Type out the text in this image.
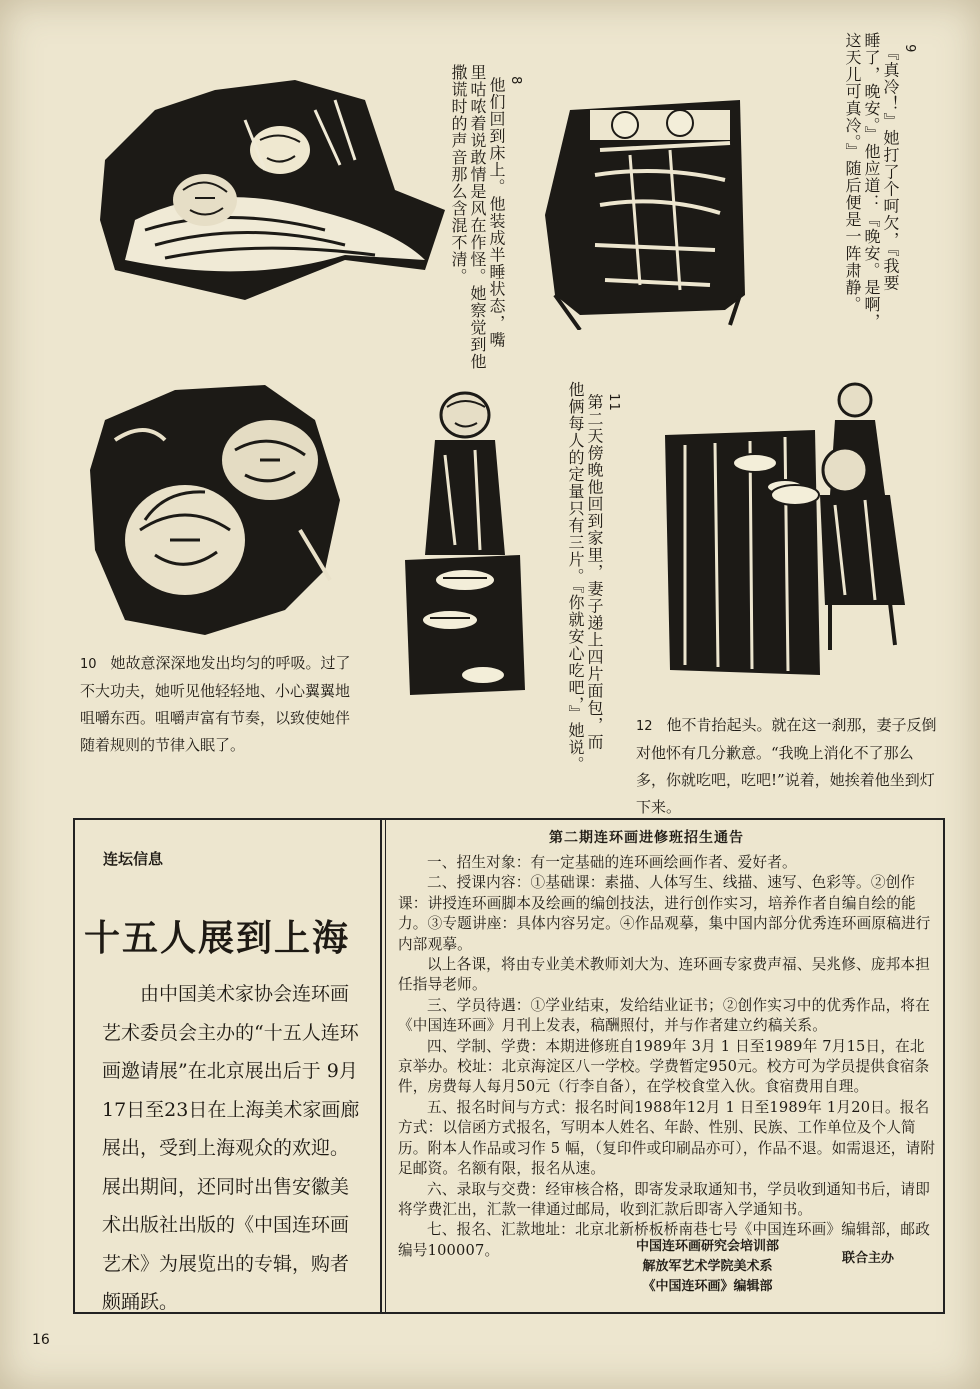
8
他们回到床上。他装成半睡状态，嘴
里咕哝着说敢情是风在作怪。她察觉到他
撒谎时的声音那么含混不清。

9
『真冷！』她打了个呵欠，『我要
睡了，晚安。』他应道：『晚安。是啊，
这天儿可真冷。』随后便是一阵肃静。

11
第二天傍晚他回到家里，妻子递上四片面包，而
他俩每人的定量只有三片。『你就安心吃吧，』她说。

10 她故意深深地发出均匀的呼吸。过了不大功夫，她听见他轻轻地、小心翼翼地咀嚼东西。咀嚼声富有节奏，以致使她伴随着规则的节律入眠了。
12 他不肯抬起头。就在这一刹那，妻子反倒对他怀有几分歉意。“我晚上消化不了那么多，你就吃吧，吃吧!”说着，她挨着他坐到灯下来。
连坛信息
十五人展到上海
由中国美术家协会连环画艺术委员会主办的“十五人连环画邀请展”在北京展出后于 9月17日至23日在上海美术家画廊展出，受到上海观众的欢迎。展出期间，还同时出售安徽美术出版社出版的《中国连环画艺术》为展览出的专辑，购者颇踊跃。
第二期连环画进修班招生通告

一、招生对象：有一定基础的连环画绘画作者、爱好者。

二、授课内容：①基础课：素描、人体写生、线描、速写、色彩等。②创作课：讲授连环画脚本及绘画的编创技法，进行创作实习，培养作者自编自绘的能力。③专题讲座：具体内容另定。④作品观摹，集中国内部分优秀连环画原稿进行内部观摹。

以上各课，将由专业美术教师刘大为、连环画专家费声福、吴兆修、庞邦本担任指导老师。

三、学员待遇：①学业结束，发给结业证书；②创作实习中的优秀作品，将在《中国连环画》月刊上发表，稿酬照付，并与作者建立约稿关系。

四、学制、学费：本期进修班自1989年 3月 1 日至1989年 7月15日，在北京举办。校址：北京海淀区八一学校。学费暂定950元。校方可为学员提供食宿条件，房费每人每月50元（行李自备），在学校食堂入伙。食宿费用自理。

五、报名时间与方式：报名时间1988年12月 1 日至1989年 1月20日。报名方式：以信函方式报名，写明本人姓名、年龄、性别、民族、工作单位及个人简历。附本人作品或习作 5 幅，（复印件或印刷品亦可），作品不退。如需退还，请附足邮资。名额有限，报名从速。

六、录取与交费：经审核合格，即寄发录取通知书，学员收到通知书后，请即将学费汇出，汇款一律通过邮局，收到汇款后即寄入学通知书。

七、报名、汇款地址：北京北新桥板桥南巷七号《中国连环画》编辑部，邮政编号100007。	中国连环画研究会培训部
解放军艺术学院美术系
《中国连环画》编辑部
联合主办
16
